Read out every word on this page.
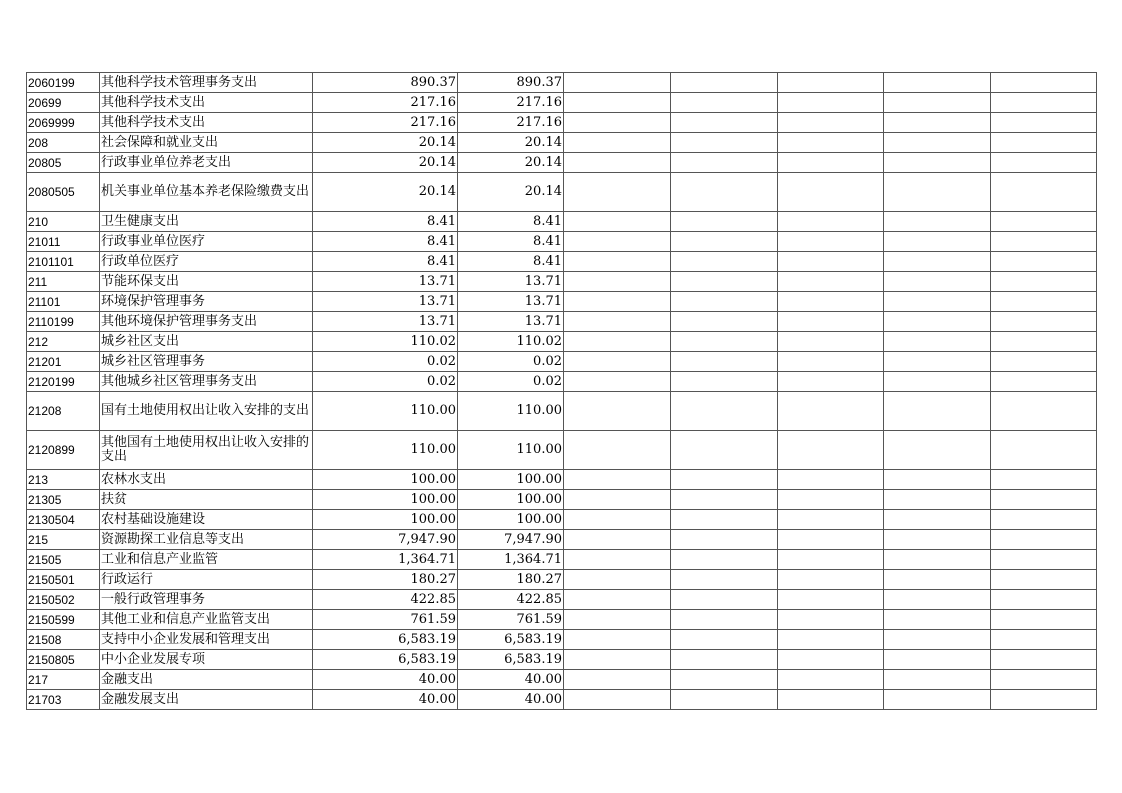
2060199	其他科学技术管理事务支出	890.37	890.37					
20699	其他科学技术支出	217.16	217.16					
2069999	其他科学技术支出	217.16	217.16					
208	社会保障和就业支出	20.14	20.14					
20805	行政事业单位养老支出	20.14	20.14					
2080505	机关事业单位基本养老保险缴费支出	20.14	20.14					
210	卫生健康支出	8.41	8.41					
21011	行政事业单位医疗	8.41	8.41					
2101101	行政单位医疗	8.41	8.41					
211	节能环保支出	13.71	13.71					
21101	环境保护管理事务	13.71	13.71					
2110199	其他环境保护管理事务支出	13.71	13.71					
212	城乡社区支出	110.02	110.02					
21201	城乡社区管理事务	0.02	0.02					
2120199	其他城乡社区管理事务支出	0.02	0.02					
21208	国有土地使用权出让收入安排的支出	110.00	110.00					
2120899	其他国有土地使用权出让收入安排的支出	110.00	110.00					
213	农林水支出	100.00	100.00					
21305	扶贫	100.00	100.00					
2130504	农村基础设施建设	100.00	100.00					
215	资源勘探工业信息等支出	7,947.90	7,947.90					
21505	工业和信息产业监管	1,364.71	1,364.71					
2150501	行政运行	180.27	180.27					
2150502	一般行政管理事务	422.85	422.85					
2150599	其他工业和信息产业监管支出	761.59	761.59					
21508	支持中小企业发展和管理支出	6,583.19	6,583.19					
2150805	中小企业发展专项	6,583.19	6,583.19					
217	金融支出	40.00	40.00					
21703	金融发展支出	40.00	40.00					
